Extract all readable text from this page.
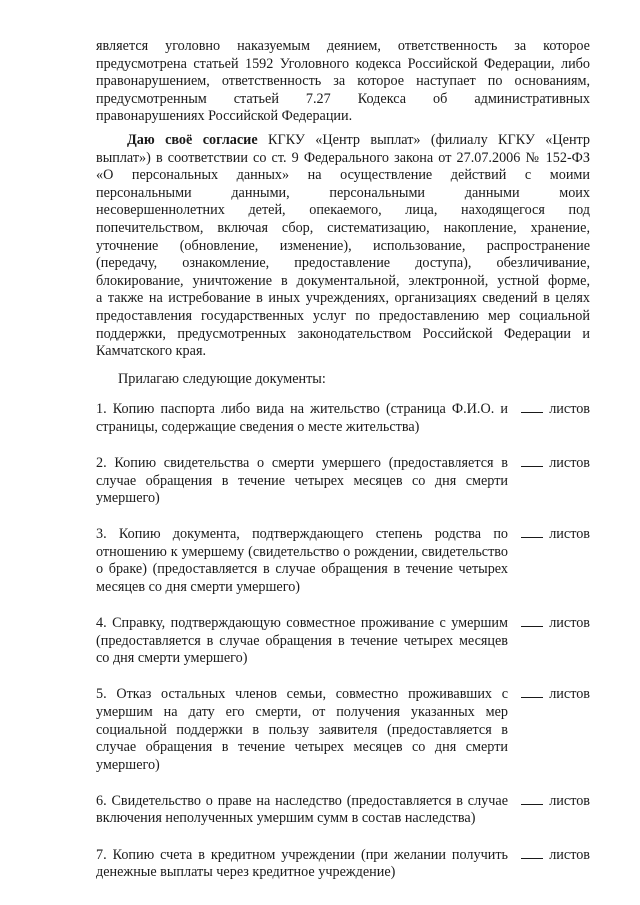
является уголовно наказуемым деянием, ответственность за которое
предусмотрена статьей 1592 Уголовного кодекса Российской Федерации, либо
правонарушением, ответственность за которое наступает по основаниям,
предусмотренным статьей 7.27 Кодекса об административных
правонарушениях Российской Федерации.
Даю своё согласие КГКУ «Центр выплат» (филиалу КГКУ «Центр
выплат») в соответствии со ст. 9 Федерального закона от 27.07.2006 № 152-ФЗ
«О персональных данных» на осуществление действий с моими
персональными данными, персональными данными моих
несовершеннолетних детей, опекаемого, лица, находящегося под
попечительством, включая сбор, систематизацию, накопление, хранение,
уточнение (обновление, изменение), использование, распространение
(передачу, ознакомление, предоставление доступа), обезличивание,
блокирование, уничтожение в документальной, электронной, устной форме,
а также на истребование в иных учреждениях, организациях сведений в целях
предоставления государственных услуг по предоставлению мер социальной
поддержки, предусмотренных законодательством Российской Федерации и
Камчатского края.

Прилагаю следующие документы:

1. Копию паспорта либо вида на жительство (страница Ф.И.О. и страницы, содержащие сведения о месте жительства)
листов
2. Копию свидетельства о смерти умершего (предоставляется в случае обращения в течение четырех месяцев со дня смерти умершего)
листов
3. Копию документа, подтверждающего степень родства по отношению к умершему (свидетельство о рождении, свидетельство о браке) (предоставляется в случае обращения в течение четырех месяцев со дня смерти умершего)
листов
4. Справку, подтверждающую совместное проживание с умершим (предоставляется в случае обращения в течение четырех месяцев со дня смерти умершего)
листов
5. Отказ остальных членов семьи, совместно проживавших с умершим на дату его смерти, от получения указанных мер социальной поддержки в пользу заявителя (предоставляется в случае обращения в течение четырех месяцев со дня смерти умершего)
листов
6. Свидетельство о праве на наследство (предоставляется в случае включения неполученных умершим сумм в состав наследства)
листов
7. Копию счета в кредитном учреждении (при желании получить денежные выплаты через кредитное учреждение)
листов
